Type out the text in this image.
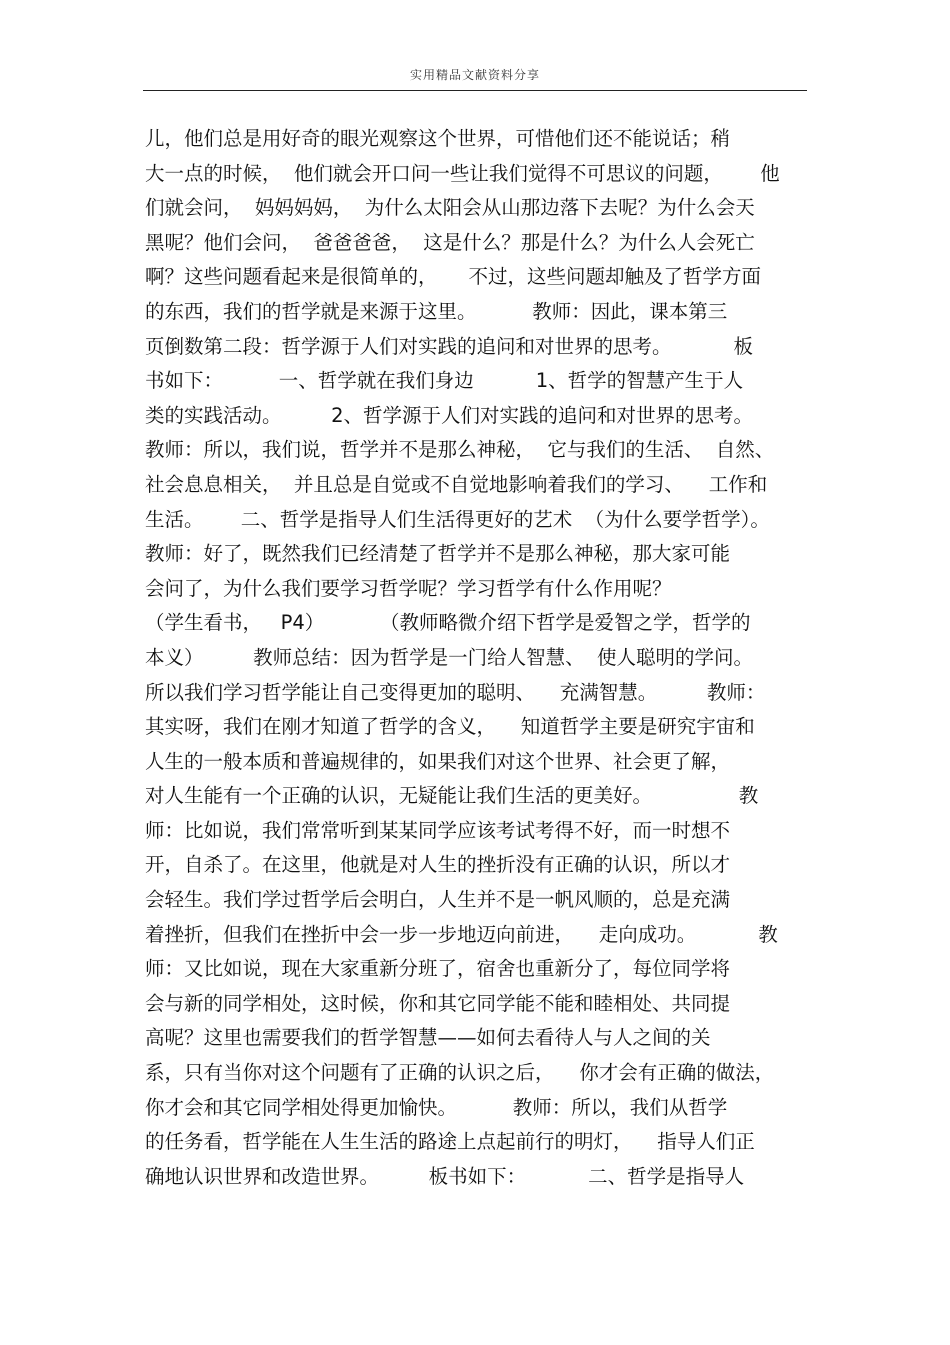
实用精品文献资料分享
儿，他们总是用好奇的眼光观察这个世界，可惜他们还不能说话；稍
大一点的时候，  他们就会开口问一些让我们觉得不可思议的问题，      他
们就会问，  妈妈妈妈，  为什么太阳会从山那边落下去呢？为什么会天
黑呢？他们会问，  爸爸爸爸，  这是什么？那是什么？为什么人会死亡
啊？这些问题看起来是很简单的，     不过，这些问题却触及了哲学方面
的东西，我们的哲学就是来源于这里。         教师：因此，课本第三
页倒数第二段：哲学源于人们对实践的追问和对世界的思考。          板
书如下：         一、哲学就在我们身边          1、哲学的智慧产生于人
类的实践活动。        2、哲学源于人们对实践的追问和对世界的思考。
教师：所以，我们说，哲学并不是那么神秘，  它与我们的生活、  自然、
社会息息相关，  并且总是自觉或不自觉地影响着我们的学习、    工作和
生活。      二、哲学是指导人们生活得更好的艺术  （为什么要学哲学）。
教师：好了，既然我们已经清楚了哲学并不是那么神秘，那大家可能
会问了，为什么我们要学习哲学呢？学习哲学有什么作用呢？
（学生看书，   P4）         （教师略微介绍下哲学是爱智之学，哲学的
本义）        教师总结：因为哲学是一门给人智慧、  使人聪明的学问。
所以我们学习哲学能让自己变得更加的聪明、    充满智慧。        教师：
其实呀，我们在刚才知道了哲学的含义，    知道哲学主要是研究宇宙和
人生的一般本质和普遍规律的，如果我们对这个世界、社会更了解，
对人生能有一个正确的认识，无疑能让我们生活的更美好。              教
师：比如说，我们常常听到某某同学应该考试考得不好，而一时想不
开，自杀了。在这里，他就是对人生的挫折没有正确的认识，所以才
会轻生。我们学过哲学后会明白，人生并不是一帆风顺的，总是充满
着挫折，但我们在挫折中会一步一步地迈向前进，    走向成功。          教
师：又比如说，现在大家重新分班了，宿舍也重新分了，每位同学将
会与新的同学相处，这时候，你和其它同学能不能和睦相处、共同提
高呢？这里也需要我们的哲学智慧——如何去看待人与人之间的关
系，只有当你对这个问题有了正确的认识之后，    你才会有正确的做法，
你才会和其它同学相处得更加愉快。         教师：所以，我们从哲学
的任务看，哲学能在人生生活的路途上点起前行的明灯，    指导人们正
确地认识世界和改造世界。        板书如下：          二、哲学是指导人
